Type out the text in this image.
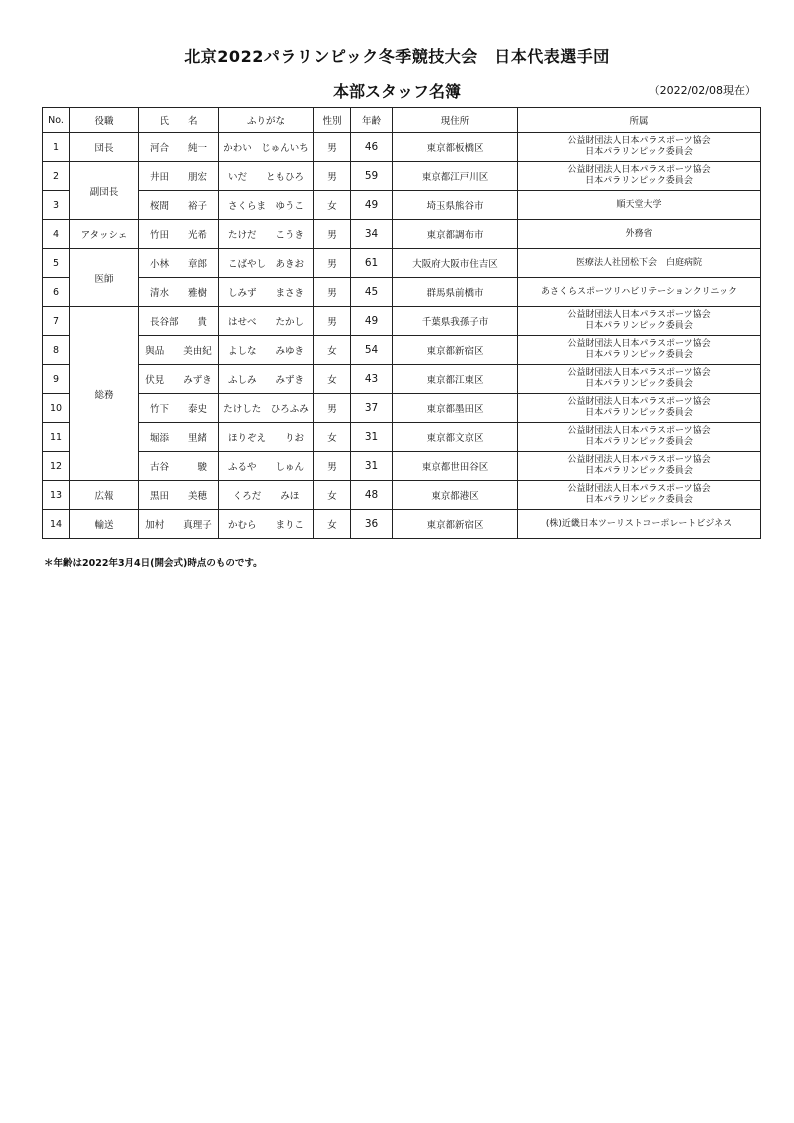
北京2022パラリンピック冬季競技大会　日本代表選手団
本部スタッフ名簿	（2022/02/08現在）
No.	役職	氏　　名	ふりがな	性別	年齢	現住所	所属
1	団長	河合　　純一	かわい　じゅんいち	男	46	東京都板橋区	公益財団法人日本パラスポーツ協会
日本パラリンピック委員会

2	副団長	井田　　朋宏	いだ　　ともひろ	男	59	東京都江戸川区	公益財団法人日本パラスポーツ協会
日本パラリンピック委員会

3		桜間　　裕子	さくらま　ゆうこ	女	49	埼玉県熊谷市	順天堂大学
4	アタッシェ	竹田　　光希	たけだ　　こうき	男	34	東京都調布市	外務省
5	医師	小林　　章郎	こばやし　あきお	男	61	大阪府大阪市住吉区	医療法人社団松下会　白庭病院
6		清水　　雅樹	しみず　　まさき	男	45	群馬県前橋市	あさくらスポーツリハビリテーションクリニック
7	総務	長谷部　　貴	はせべ　　たかし	男	49	千葉県我孫子市	公益財団法人日本パラスポーツ協会
日本パラリンピック委員会

8		與品　　美由紀	よしな　　みゆき	女	54	東京都新宿区	公益財団法人日本パラスポーツ協会
日本パラリンピック委員会

9		伏見　　みずき	ふしみ　　みずき	女	43	東京都江東区	公益財団法人日本パラスポーツ協会
日本パラリンピック委員会

10		竹下　　泰史	たけした　ひろふみ	男	37	東京都墨田区	公益財団法人日本パラスポーツ協会
日本パラリンピック委員会

11		堀添　　里緒	ほりぞえ　　りお	女	31	東京都文京区	公益財団法人日本パラスポーツ協会
日本パラリンピック委員会

12		古谷　　　駿	ふるや　　しゅん	男	31	東京都世田谷区	公益財団法人日本パラスポーツ協会
日本パラリンピック委員会

13	広報	黒田　　美穂	くろだ　　みほ	女	48	東京都港区	公益財団法人日本パラスポーツ協会
日本パラリンピック委員会

14	輸送	加村　　真理子	かむら　　まりこ	女	36	東京都新宿区	(株)近畿日本ツーリストコーポレートビジネス
＊年齢は2022年3月4日(開会式)時点のものです。
